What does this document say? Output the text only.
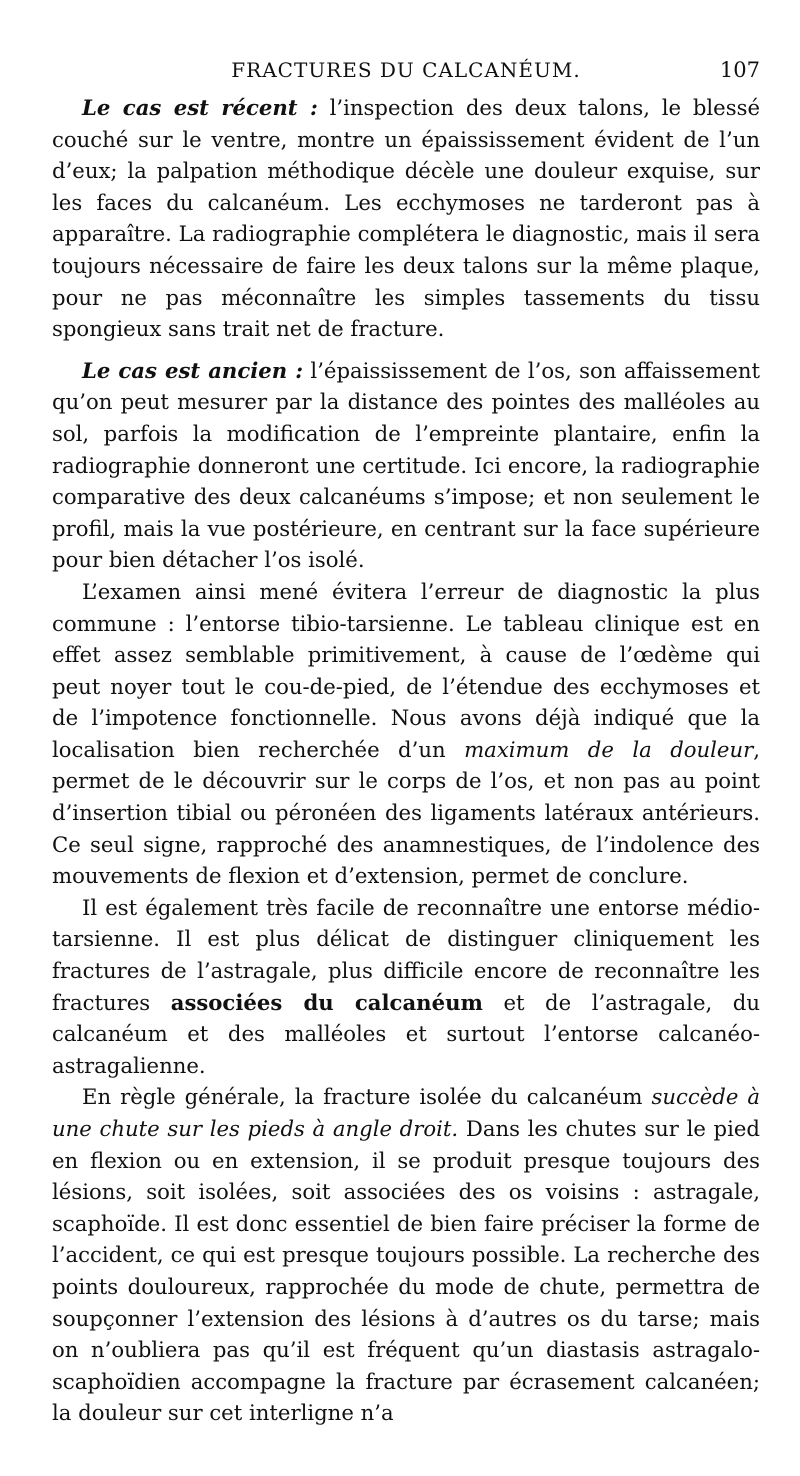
FRACTURES DU CALCANÉUM.	107

Le cas est récent : l’inspection des deux talons, le blessé couché sur le ventre, montre un épaississement évident de l’un d’eux; la palpation méthodique décèle une douleur exquise, sur les faces du calcanéum. Les ecchymoses ne tarderont pas à apparaître. La radiographie complétera le diagnostic, mais il sera toujours nécessaire de faire les deux talons sur la même plaque, pour ne pas méconnaître les simples tassements du tissu spongieux sans trait net de fracture.

Le cas est ancien : l’épaississement de l’os, son affaissement qu’on peut mesurer par la distance des pointes des malléoles au sol, parfois la modification de l’empreinte plantaire, enfin la radiographie donneront une certitude. Ici encore, la radiographie comparative des deux calcanéums s’impose; et non seulement le profil, mais la vue postérieure, en centrant sur la face supérieure pour bien détacher l’os isolé.

L’examen ainsi mené évitera l’erreur de diagnostic la plus commune : l’entorse tibio-tarsienne. Le tableau clinique est en effet assez semblable primitivement, à cause de l’œdème qui peut noyer tout le cou-de-pied, de l’étendue des ecchymoses et de l’impotence fonctionnelle. Nous avons déjà indiqué que la localisation bien recherchée d’un maximum de la douleur, permet de le découvrir sur le corps de l’os, et non pas au point d’insertion tibial ou péronéen des ligaments latéraux antérieurs. Ce seul signe, rapproché des anamnestiques, de l’indolence des mouvements de flexion et d’extension, permet de conclure.

Il est également très facile de reconnaître une entorse médio-tarsienne. Il est plus délicat de distinguer cliniquement les fractures de l’astragale, plus difficile encore de reconnaître les fractures associées du calcanéum et de l’astragale, du calcanéum et des malléoles et surtout l’entorse calcanéo-astragalienne.

En règle générale, la fracture isolée du calcanéum succède à une chute sur les pieds à angle droit. Dans les chutes sur le pied en flexion ou en extension, il se produit presque toujours des lésions, soit isolées, soit associées des os voisins : astragale, scaphoïde. Il est donc essentiel de bien faire préciser la forme de l’accident, ce qui est presque toujours possible. La recherche des points douloureux, rapprochée du mode de chute, permettra de soupçonner l’extension des lésions à d’autres os du tarse; mais on n’oubliera pas qu’il est fréquent qu’un diastasis astragalo-scaphoïdien accompagne la fracture par écrasement calcanéen; la douleur sur cet interligne n’a
